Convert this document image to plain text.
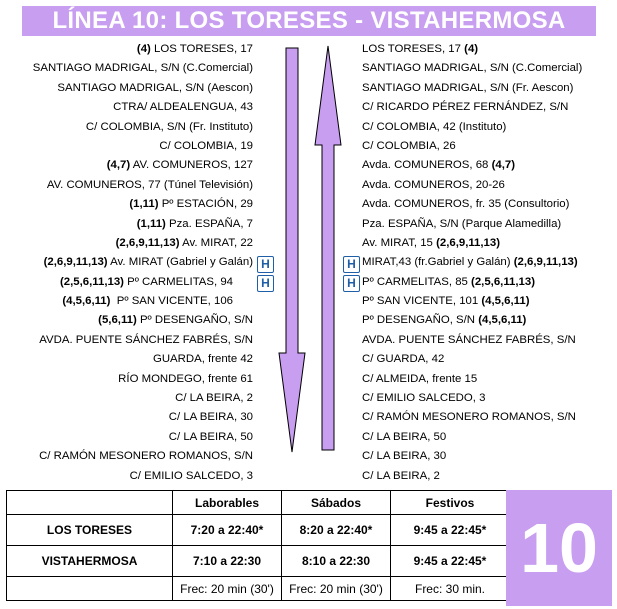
LÍNEA 10: LOS TORESES - VISTAHERMOSA
(4) LOS TORESES, 17
SANTIAGO MADRIGAL, S/N (C.Comercial)
SANTIAGO MADRIGAL, S/N (Aescon)
CTRA/ ALDEALENGUA, 43
C/ COLOMBIA, S/N (Fr. Instituto)
C/ COLOMBIA, 19
(4,7) AV. COMUNEROS, 127
AV. COMUNEROS, 77 (Túnel Televisión)
(1,11) Pº ESTACIÓN, 29
(1,11) Pza. ESPAÑA, 7
(2,6,9,11,13) Av. MIRAT, 22
(2,6,9,11,13) Av. MIRAT (Gabriel y Galán)
(2,5,6,11,13) Pº CARMELITAS, 94
(4,5,6,11)  Pº SAN VICENTE, 106
(5,6,11) Pº DESENGAÑO, S/N
AVDA. PUENTE SÁNCHEZ FABRÉS, S/N
GUARDA, frente 42
RÍO MONDEGO, frente 61
C/ LA BEIRA, 2
C/ LA BEIRA, 30
C/ LA BEIRA, 50
C/ RAMÓN MESONERO ROMANOS, S/N
C/ EMILIO SALCEDO, 3
LOS TORESES, 17 (4)
SANTIAGO MADRIGAL, S/N (C.Comercial)
SANTIAGO MADRIGAL, S/N (Fr. Aescon)
C/ RICARDO PÉREZ FERNÁNDEZ, S/N
C/ COLOMBIA, 42 (Instituto)
C/ COLOMBIA, 26
Avda. COMUNEROS, 68 (4,7)
Avda. COMUNEROS, 20-26
Avda. COMUNEROS, fr. 35 (Consultorio)
Pza. ESPAÑA, S/N (Parque Alamedilla)
Av. MIRAT, 15 (2,6,9,11,13)
MIRAT,43 (fr.Gabriel y Galán) (2,6,9,11,13)
Pº CARMELITAS, 85 (2,5,6,11,13)
Pº SAN VICENTE, 101 (4,5,6,11)
Pº DESENGAÑO, S/N (4,5,6,11)
AVDA. PUENTE SÁNCHEZ FABRÉS, S/N
C/ GUARDA, 42
C/ ALMEIDA, frente 15
C/ EMILIO SALCEDO, 3
C/ RAMÓN MESONERO ROMANOS, S/N
C/ LA BEIRA, 50
C/ LA BEIRA, 30
C/ LA BEIRA, 2
H
H
H
H
	Laborables	Sábados	Festivos
LOS TORESES	7:20 a 22:40*	8:20 a 22:40*	9:45 a 22:45*
VISTAHERMOSA	7:10 a 22:30	8:10 a 22:30	9:45 a 22:45*
	Frec: 20 min (30')	Frec: 20 min (30')	Frec: 30 min.
10
